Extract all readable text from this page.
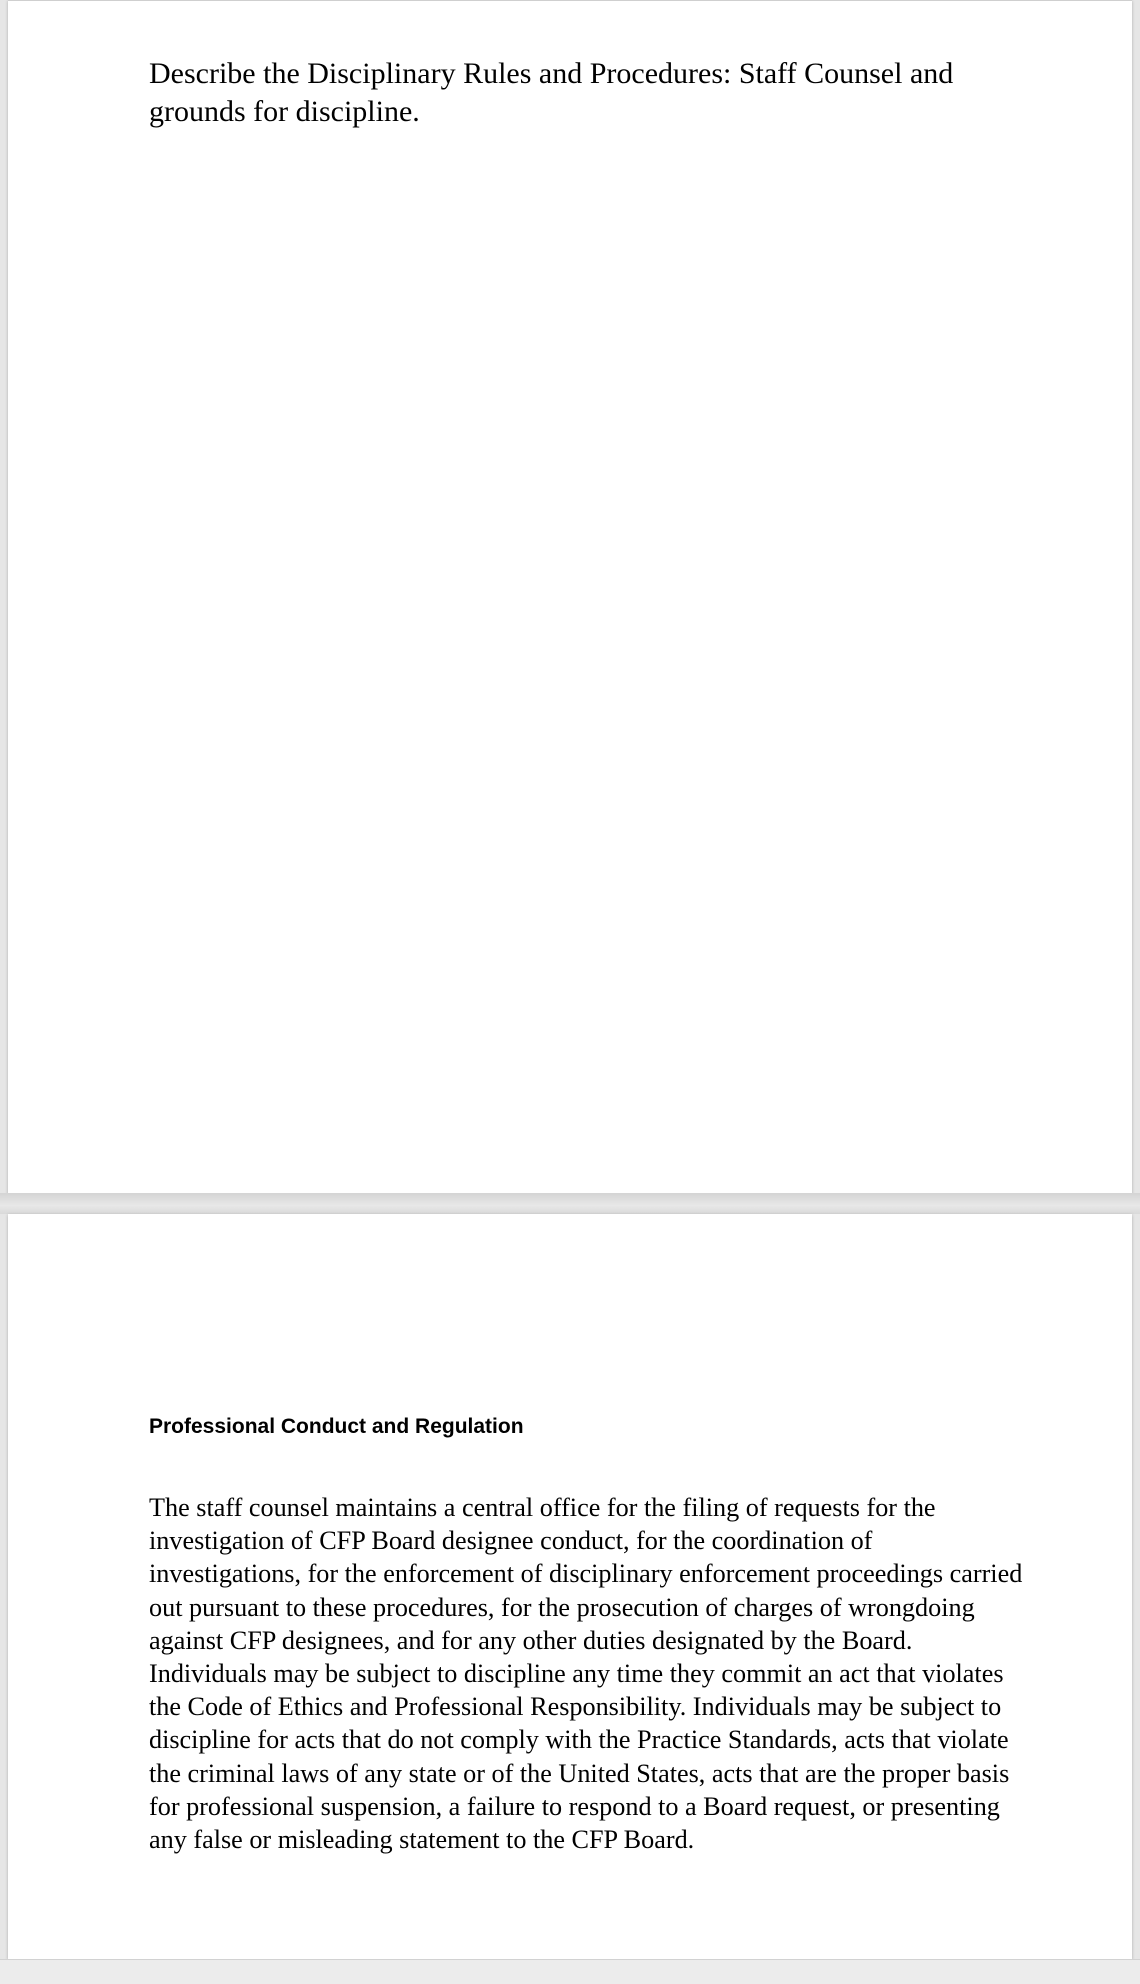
Describe the Disciplinary Rules and Procedures: Staff Counsel and grounds for discipline.

Professional Conduct and Regulation

The staff counsel maintains a central office for the filing of requests for the investigation of CFP Board designee conduct, for the coordination of investigations, for the enforcement of disciplinary enforcement proceedings carried out pursuant to these procedures, for the prosecution of charges of wrongdoing against CFP designees, and for any other duties designated by the Board. Individuals may be subject to discipline any time they commit an act that violates the Code of Ethics and Professional Responsibility. Individuals may be subject to discipline for acts that do not comply with the Practice Standards, acts that violate the criminal laws of any state or of the United States, acts that are the proper basis for professional suspension, a failure to respond to a Board request, or presenting any false or misleading statement to the CFP Board.
